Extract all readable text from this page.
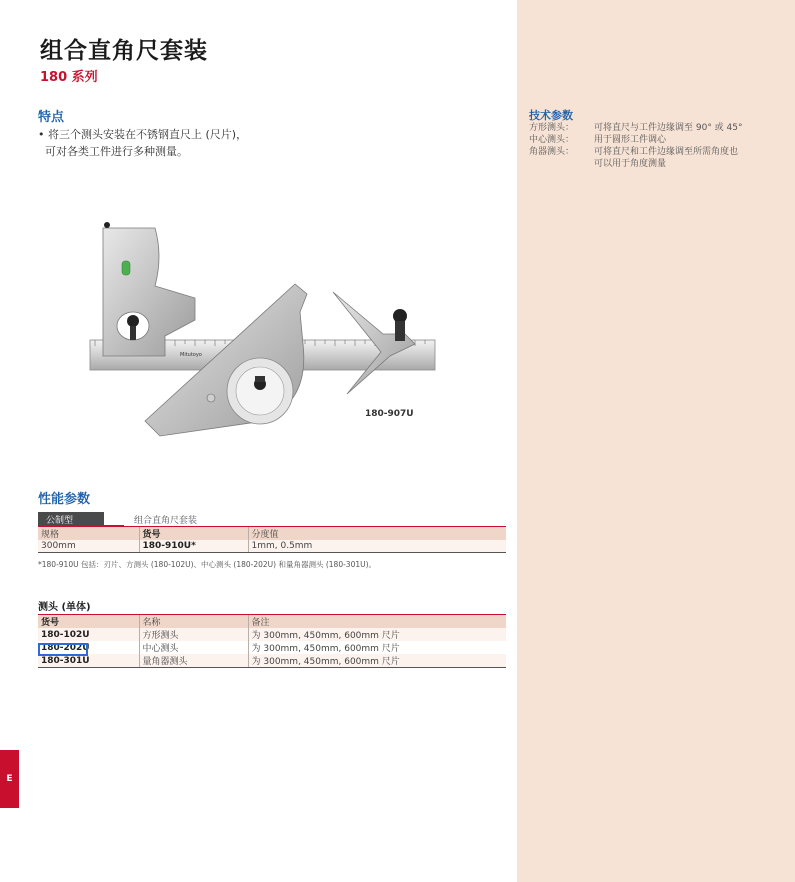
组合直角尺套装
180 系列
特点
• 将三个测头安装在不锈钢直尺上 (尺片)，
可对各类工件进行多种测量。
技术参数
方形测头：	可将直尺与工件边缘调至 90° 或 45°
中心测头：	用于圆形工件调心
角器测头：	可将直尺和工件边缘调至所需角度也
可以用于角度测量
Mitutoyo
180-907U
性能参数
公制型	组合直角尺套装
规格	货号	分度值
300mm	180-910U*	1mm, 0.5mm
*180-910U 包括：刃片、方测头 (180-102U)、中心测头 (180-202U) 和量角器测头 (180-301U)。
测头 (单体)
货号	名称	备注
180-102U	方形测头	为 300mm, 450mm, 600mm 尺片
180-202U	中心测头	为 300mm, 450mm, 600mm 尺片
180-301U	量角器测头	为 300mm, 450mm, 600mm 尺片
E
